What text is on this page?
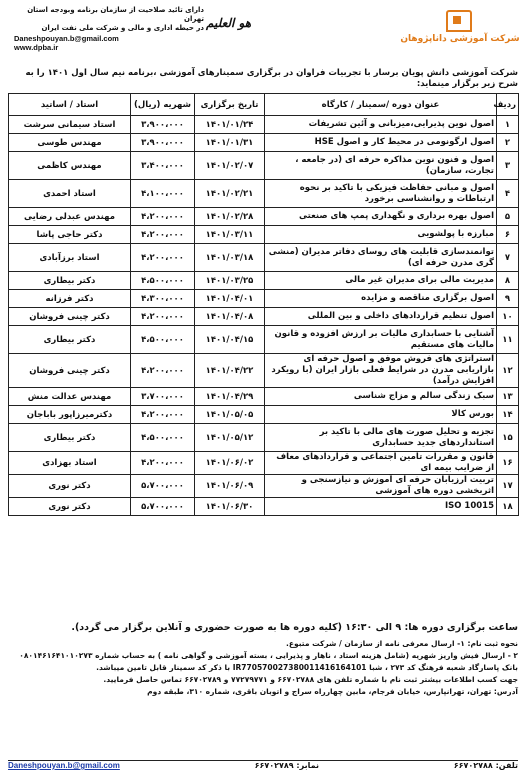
شرکت آموزشی داناپژوهان
هو العلیم
دارای تائید صلاحیت از سازمان برنامه وبودجه استان تهران
در حیطه اداری و مالی و شرکت ملی نفت ایران
Daneshpouyan.b@gmail.com
www.dpba.ir
شرکت آموزشی دانش پویان برسار با تجربیات فراوان در برگزاری سمینارهای آموزشی ،برنامه نیم سال اول ۱۴۰۱ را به شرح زیر برگزار مینماید:
ردیف	عنوان دوره /سمینار / کارگاه	تاریخ برگزاری	شهریه (ریال)	استاد / اساتید
۱	اصول نوین پذیرایی،میزبانی و آئین تشریفات	۱۴۰۱/۰۱/۲۴	۳،۹۰۰،۰۰۰	استاد سیمانی سرشت
۲	اصول ارگونومی در محیط کار و اصول HSE	۱۴۰۱/۰۱/۳۱	۳،۹۰۰،۰۰۰	مهندس طوسی
۳	اصول و فنون نوین مذاکره حرفه ای (در جامعه ، تجارت، سازمان)	۱۴۰۱/۰۲/۰۷	۳،۴۰۰،۰۰۰	مهندس کاظمی
۴	اصول و مبانی حفاظت فیزیکی با تاکید بر نحوه ارتباطات و روانشناسی برخورد	۱۴۰۱/۰۲/۲۱	۴،۱۰۰،۰۰۰	استاد احمدی
۵	اصول بهره برداری و نگهداری پمپ های صنعتی	۱۴۰۱/۰۲/۲۸	۴،۲۰۰،۰۰۰	مهندس عبدلی رضایی
۶	مبارزه با پولشویی	۱۴۰۱/۰۳/۱۱	۴،۲۰۰،۰۰۰	دکتر حاجی پاشا
۷	توانمندسازی قابلیت های روسای دفاتر مدیران (منشی گری مدرن حرفه ای)	۱۴۰۱/۰۳/۱۸	۴،۲۰۰،۰۰۰	استاد برزآبادی
۸	مدیریت مالی برای مدیران غیر مالی	۱۴۰۱/۰۳/۲۵	۴،۵۰۰،۰۰۰	دکتر بیطاری
۹	اصول برگزاری مناقصه و مزایده	۱۴۰۱/۰۴/۰۱	۴،۳۰۰،۰۰۰	دکتر فرزانه
۱۰	اصول تنظیم قراردادهای داخلی و بین المللی	۱۴۰۱/۰۴/۰۸	۴،۲۰۰،۰۰۰	دکتر چینی فروشان
۱۱	آشنایی با حسابداری مالیات بر ارزش افزوده و قانون مالیات های مستقیم	۱۴۰۱/۰۴/۱۵	۴،۵۰۰،۰۰۰	دکتر بیطاری
۱۲	استراتژی های فروش موفق و اصول حرفه ای بازاریابی مدرن در شرایط فعلی بازار ایران (با رویکرد افزایش درآمد)	۱۴۰۱/۰۴/۲۲	۴،۲۰۰،۰۰۰	دکتر چینی فروشان
۱۳	سبک زندگی سالم و مزاج شناسی	۱۴۰۱/۰۴/۲۹	۳،۷۰۰،۰۰۰	مهندس عدالت منش
۱۴	بورس کالا	۱۴۰۱/۰۵/۰۵	۴،۲۰۰،۰۰۰	دکترمیرزاپور باباجان
۱۵	تجزیه و تحلیل صورت های مالی با تاکید بر استانداردهای جدید حسابداری	۱۴۰۱/۰۵/۱۲	۴،۵۰۰،۰۰۰	دکتر بیطاری
۱۶	قانون و مقررات تامین اجتماعی و قراردادهای معاف از ضرایب بیمه ای	۱۴۰۱/۰۶/۰۲	۴،۲۰۰،۰۰۰	استاد بهزادی
۱۷	تربیت ارزیابان حرفه ای آموزش و نیازسنجی و اثربخشی دوره های آموزشی	۱۴۰۱/۰۶/۰۹	۵،۷۰۰،۰۰۰	دکتر نوری
۱۸	ISO 10015	۱۴۰۱/۰۶/۳۰	۵،۷۰۰،۰۰۰	دکتر نوری
ساعت برگزاری دوره ها: ۹ الی ۱۶:۳۰ (کلیه دوره ها به صورت حضوری و آنلاین برگزار می گردد).

نحوه ثبت نام: ۱- ارسال معرفی نامه از سازمان / شرکت متبوع.

۲ - ارسال فیش واریز شهریه (شامل هزینه استاد ، ناهار و پذیرایی ، بسته آموزشی و گواهی نامه ) به حساب شماره ۰۸۰۱۴۶۱۶۴۱۰۱۰۲۷۳ بانک پاسارگاد شعبه فرهنگ کد ۲۷۳ ، شبا IR770570027380011416164101 با ذکر کد سمینار قابل تامین میباشد.

جهت کسب اطلاعات بیشتر ثبت نام با شماره تلفن های ۶۶۷۰۲۷۸۸ و ۷۷۲۷۹۷۷۱ و ۶۶۷۰۲۷۸۹ تماس حاصل فرمایید.

آدرس: تهران، تهرانپارس، خیابان فرجام، مابین چهارراه سراج و اتوبان باقری، شماره ۳۱۰، طبقه دوم

تلفن: ۶۶۷۰۲۷۸۸
نمابر: ۶۶۷۰۲۷۸۹
Daneshpouyan.b@gmail.com
